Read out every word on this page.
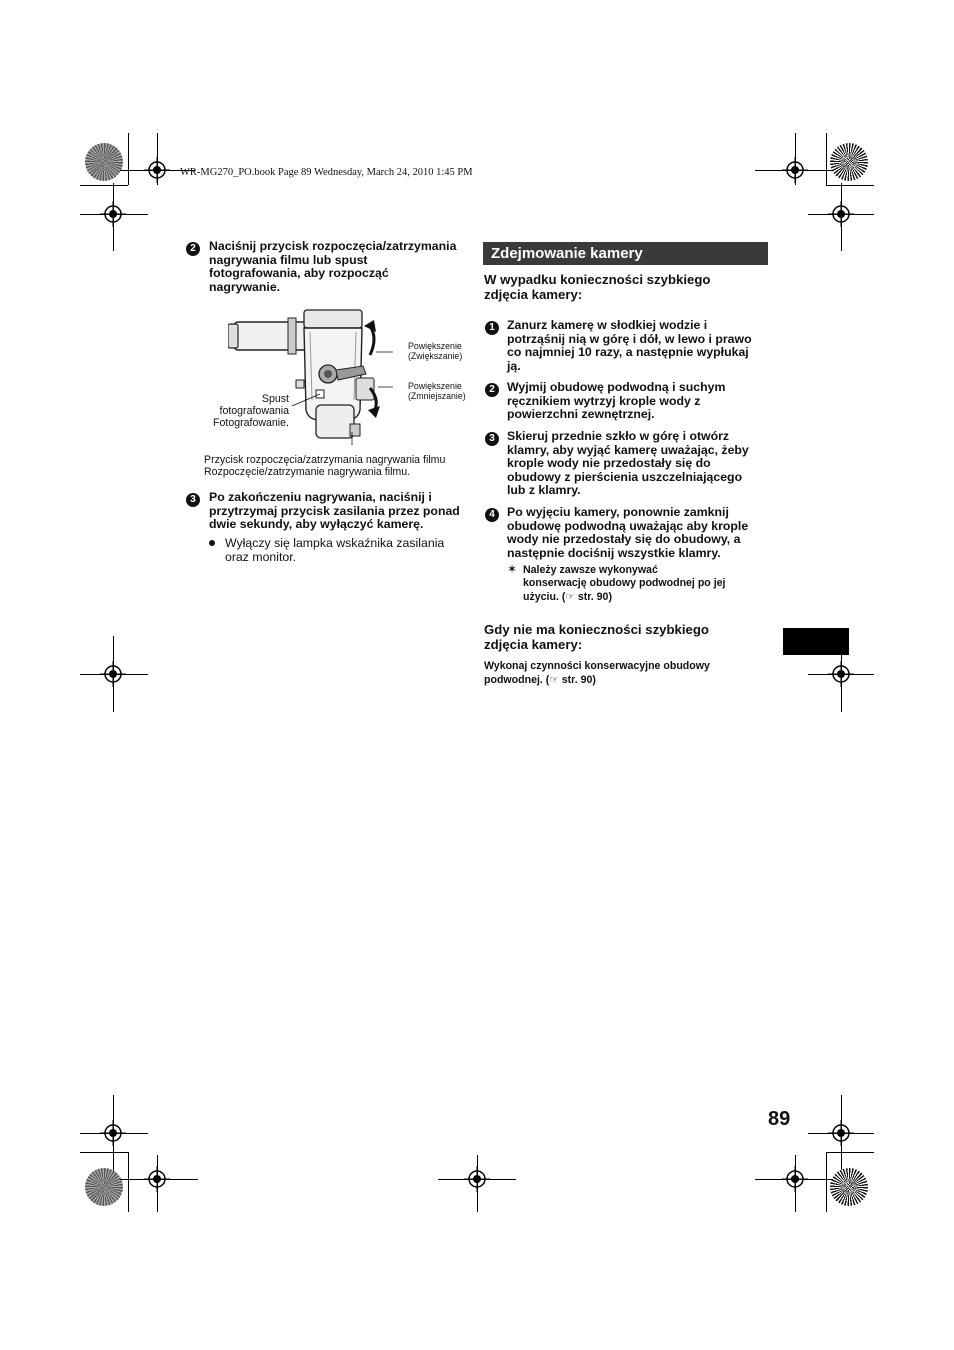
WR-MG270_PO.book Page 89 Wednesday, March 24, 2010 1:45 PM
2	Naciśnij przycisk rozpoczęcia/zatrzymania
nagrywania filmu lub spust
fotografowania, aby rozpocząć
nagrywanie.
Powiększenie
(Zwiększanie)
Powiększenie
(Zmniejszanie)
Spust
fotografowania
Fotografowanie.
Przycisk rozpoczęcia/zatrzymania nagrywania filmu
Rozpoczęcie/zatrzymanie nagrywania filmu.
3	Po zakończeniu nagrywania, naciśnij i
przytrzymaj przycisk zasilania przez ponad
dwie sekundy, aby wyłączyć kamerę.
Wyłączy się lampka wskaźnika zasilania
oraz monitor.
Zdejmowanie kamery
W wypadku konieczności szybkiego
zdjęcia kamery:
1 Zanurz kamerę w słodkiej wodzie i
potrząśnij nią w górę i dół, w lewo i prawo
co najmniej 10 razy, a następnie wypłukaj
ją.
2 Wyjmij obudowę podwodną i suchym
ręcznikiem wytrzyj krople wody z
powierzchni zewnętrznej.
3 Skieruj przednie szkło w górę i otwórz
klamry, aby wyjąć kamerę uważając, żeby
krople wody nie przedostały się do
obudowy z pierścienia uszczelniającego
lub z klamry.
4 Po wyjęciu kamery, ponownie zamknij
obudowę podwodną uważając aby krople
wody nie przedostały się do obudowy, a
następnie dociśnij wszystkie klamry.
✶ Należy zawsze wykonywać
konserwację obudowy podwodnej po jej
użyciu. (☞ str. 90)
Gdy nie ma konieczności szybkiego
zdjęcia kamery:
Wykonaj czynności konserwacyjne obudowy
podwodnej. (☞ str. 90)
89
